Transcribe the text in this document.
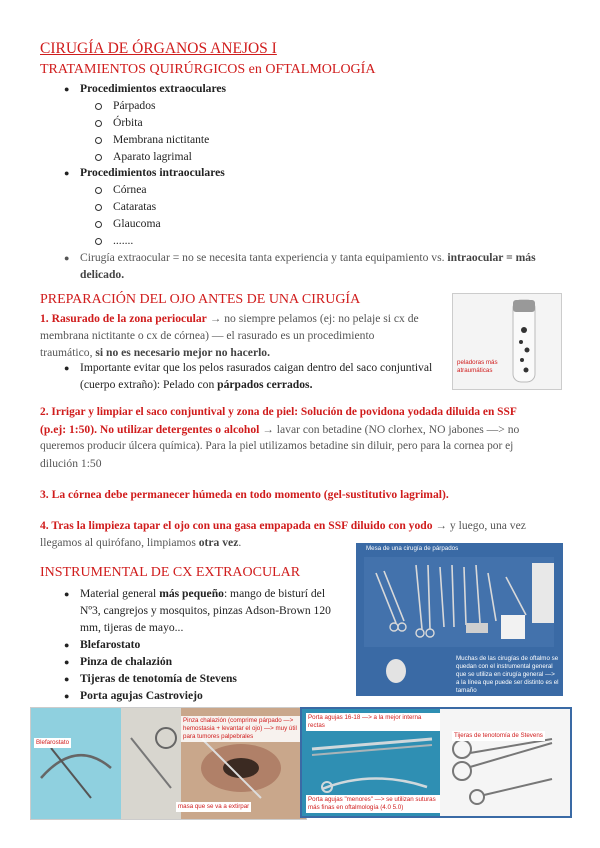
CIRUGÍA DE ÓRGANOS ANEJOS I
TRATAMIENTOS QUIRÚRGICOS en OFTALMOLOGÍA
● Procedimientos extraoculares
Párpados
Órbita
Membrana nictitante
Aparato lagrimal
● Procedimientos intraoculares
Córnea
Cataratas
Glaucoma
.......
● Cirugía extraocular = no se necesita tanta experiencia y tanta equipamiento vs. intraocular = más
delicado.
PREPARACIÓN DEL OJO ANTES DE UNA CIRUGÍA
1. Rasurado de la zona periocular → no siempre pelamos (ej: no pelaje si cx de
membrana nictitante o cx de córnea) — el rasurado es un procedimiento
traumático, si no es necesario mejor no hacerlo.
● Importante evitar que los pelos rasurados caigan dentro del saco conjuntival
(cuerpo extraño): Pelado con párpados cerrados.
peladoras más atraumáticas
2. Irrigar y limpiar el saco conjuntival y zona de piel: Solución de povidona yodada diluida en SSF
(p.ej: 1:50). No utilizar detergentes o alcohol → lavar con betadine (NO clorhex, NO jabones —> no
queremos producir úlcera química). Para la piel utilizamos betadine sin diluir, pero para la cornea por ej
dilución 1:50
3. La córnea debe permanecer húmeda en todo momento (gel-sustitutivo lagrimal).
4. Tras la limpieza tapar el ojo con una gasa empapada en SSF diluido con yodo → y luego, una vez
llegamos al quirófano, limpiamos otra vez.
INSTRUMENTAL DE CX EXTRAOCULAR
● Material general más pequeño: mango de bisturí del
Nº3, cangrejos y mosquitos, pinzas Adson-Brown 120
mm, tijeras de mayo...
● Blefarostato
● Pinza de chalazión
● Tijeras de tenotomía de Stevens
● Porta agujas Castroviejo
Mesa de una cirugía de párpados
Muchas de las cirugías de oftalmo se quedan con el instrumental general que se utiliza en cirugía general —> a la línea que puede ser distinto es el tamaño
Blefarostato
Pinza chalazión (comprime párpado —> hemostasia + levantar el ojo) —> muy útil para tumores palpebrales
masa que se va a extirpar
Porta agujas 16-18 —> a la mejor interna rectas
Tijeras de tenotomía de Stevens
Porta agujas "menores" —> se utilizan suturas más finas en oftalmología (4.0 5.0)
